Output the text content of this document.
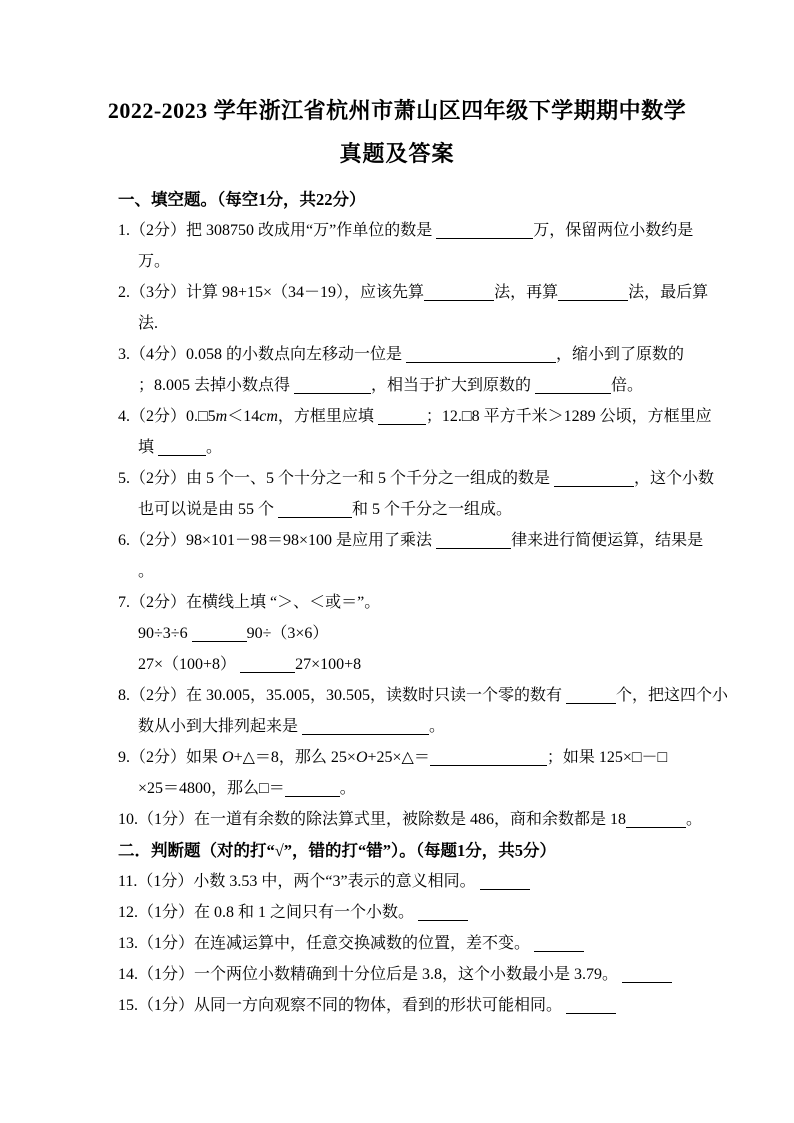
2022-2023 学年浙江省杭州市萧山区四年级下学期期中数学
真题及答案
一、填空题。（每空1分，共22分）
1.（2分）把 308750 改成用“万”作单位的数是	万，保留两位小数约是
万。
2.（3分）计算 98+15×（34－19），应该先算	法，再算	法，最后算
法.
3.（4分）0.058 的小数点向左移动一位是	，缩小到了原数的
；8.005 去掉小数点得	，相当于扩大到原数的	倍。
4.（2分）0.□5m＜14cm，方框里应填	；12.□8 平方千米＞1289 公顷，方框里应
填	。
5.（2分）由 5 个一、5 个十分之一和 5 个千分之一组成的数是	，这个小数
也可以说是由 55 个	和 5 个千分之一组成。
6.（2分）98×101－98＝98×100 是应用了乘法	律来进行简便运算，结果是
。
7.（2分）在横线上填 “＞、＜或＝”。
90÷3÷6	90÷（3×6）
27×（100+8）	27×100+8
8.（2分）在 30.005，35.005，30.505，读数时只读一个零的数有	个，把这四个小
数从小到大排列起来是	。
9.（2分）如果 O+△＝8，那么 25×O+25×△＝	；如果 125×□－□
×25＝4800，那么□＝	。
10.（1分）在一道有余数的除法算式里，被除数是 486，商和余数都是 18	。
二．判断题（对的打“√”，错的打“错”）。（每题1分，共5分）
11.（1分）小数 3.53 中，两个“3”表示的意义相同。
12.（1分）在 0.8 和 1 之间只有一个小数。
13.（1分）在连减运算中，任意交换减数的位置，差不变。
14.（1分）一个两位小数精确到十分位后是 3.8，这个小数最小是 3.79。
15.（1分）从同一方向观察不同的物体，看到的形状可能相同。
